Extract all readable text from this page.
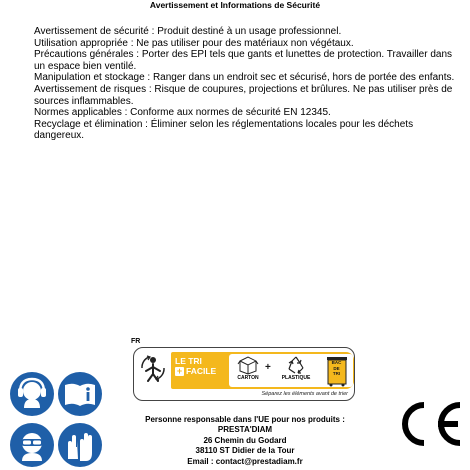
Avertissement et Informations de Sécurité

Avertissement de sécurité : Produit destiné à un usage professionnel.

Utilisation appropriée : Ne pas utiliser pour des matériaux non végétaux.

Précautions générales : Porter des EPI tels que gants et lunettes de protection. Travailler dans un espace bien ventilé.

Manipulation et stockage : Ranger dans un endroit sec et sécurisé, hors de portée des enfants.

Avertissement de risques : Risque de coupures, projections et brûlures. Ne pas utiliser près de sources inflammables.

Normes applicables : Conforme aux normes de sécurité EN 12345.

Recyclage et élimination : Éliminer selon les réglementations locales pour les déchets dangereux.

FR
LE TRI
+ FACILE
CARTON
+
PLASTIQUE
BAC
DE
TRI
Séparez les éléments avant de trier
Personne responsable dans l'UE pour nos produits :
PRESTA'DIAM
26 Chemin du Godard
38110 ST Didier de la Tour
Email : contact@prestadiam.fr
